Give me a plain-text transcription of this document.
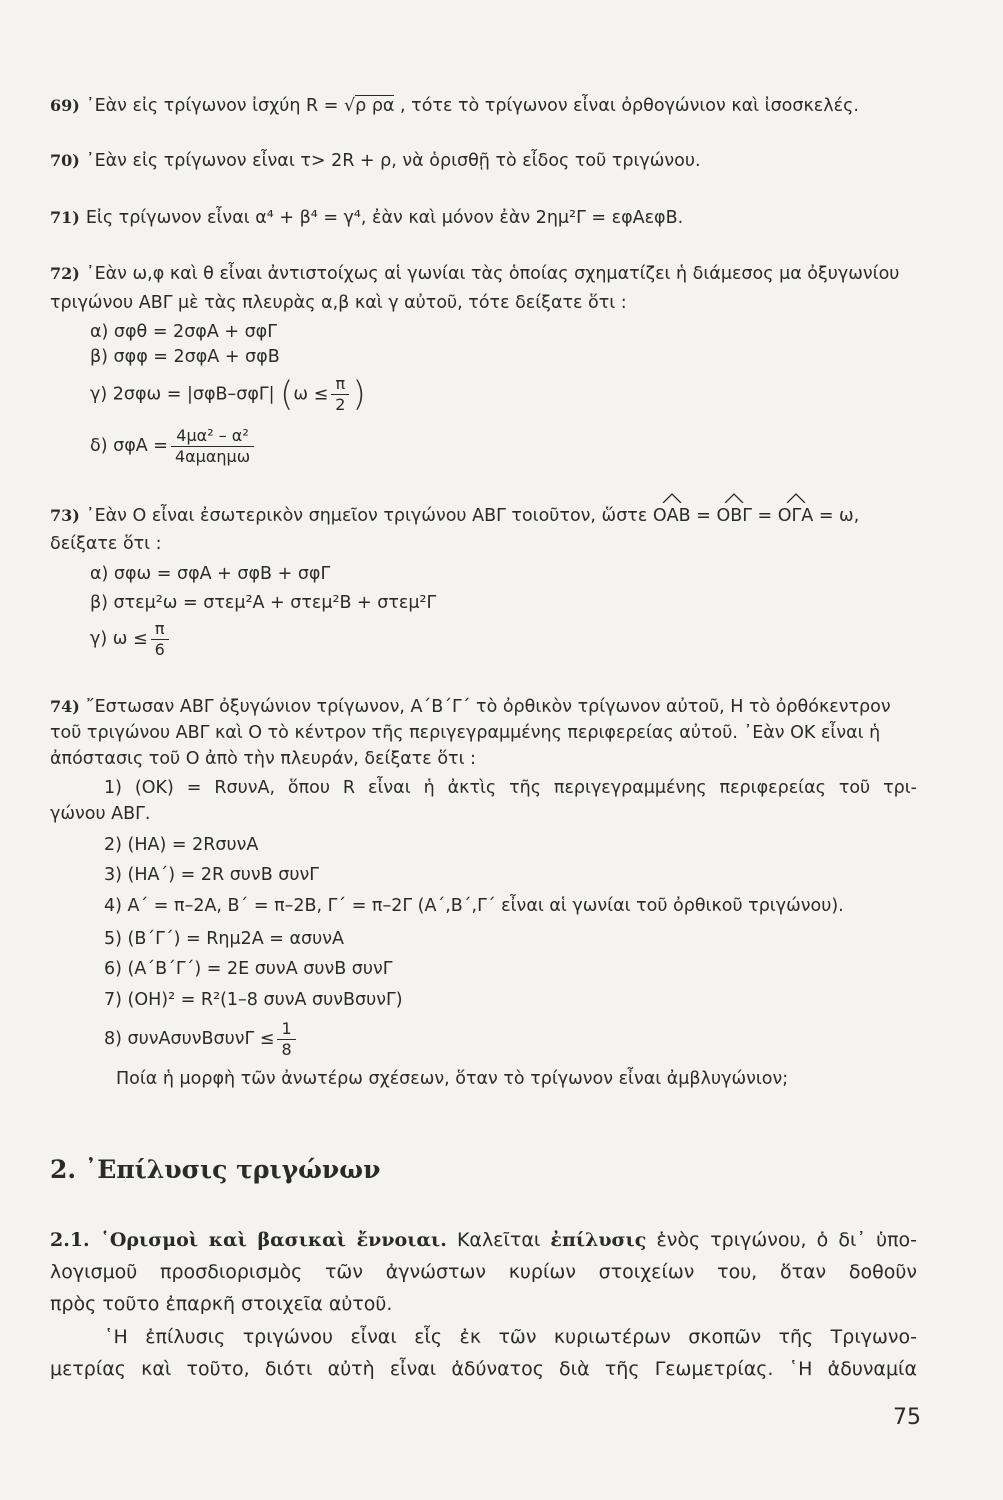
69) ᾿Εὰν εἰς τρίγωνον ἰσχύη R = √ρ ρα , τότε τὸ τρίγωνον εἶναι ὀρθογώνιον καὶ ἰσοσκελές.
70) ᾿Εὰν εἰς τρίγωνον εἶναι τ> 2R + ρ, νὰ ὁρισθῇ τὸ εἶδος τοῦ τριγώνου.
71) Εἰς τρίγωνον εἶναι α⁴ + β⁴ = γ⁴, ἐὰν καὶ μόνον ἐὰν 2ημ²Γ = εφΑεφΒ.
72) ᾿Εὰν ω,φ καὶ θ εἶναι ἀντιστοίχως αἱ γωνίαι τὰς ὁποίας σχηματίζει ἡ διάμεσος μα ὀξυγωνίου
τριγώνου ΑΒΓ μὲ τὰς πλευρὰς α,β καὶ γ αὐτοῦ, τότε δείξατε ὅτι :
α) σφθ = 2σφΑ + σφΓ
β) σφφ = 2σφΑ + σφΒ
γ) 2σφω = |σφΒ–σφΓ| ($\omega \le \frac{\pi}{2}$ )
δ) $\sigma\varphi A = \frac{\text{4μα² – α²}}{\text{4αμαημω}}$
73) ᾿Εὰν Ο εἶναι ἐσωτερικὸν σημεῖον τριγώνου ΑΒΓ τοιοῦτον, ὥστε ΟΑΒ =
ΟΒΓ =
ΟΓΑ = ω,
δείξατε ὅτι :
α) σφω = σφΑ + σφΒ + σφΓ
β) στεμ²ω = στεμ²Α + στεμ²Β + στεμ²Γ
γ) $\omega \le \frac{\pi}{6}$
74) ῎Εστωσαν ΑΒΓ ὀξυγώνιον τρίγωνον, Α΄Β΄Γ΄ τὸ ὀρθικὸν τρίγωνον αὐτοῦ, Η τὸ ὀρθόκεντρον
τοῦ τριγώνου ΑΒΓ καὶ Ο τὸ κέντρον τῆς περιγεγραμμένης περιφερείας αὐτοῦ. ᾿Εὰν ΟΚ εἶναι ἡ
ἀπόστασις τοῦ Ο ἀπὸ τὴν πλευράν, δείξατε ὅτι :
1) (ΟΚ) = RσυνΑ, ὅπου R εἶναι ἡ ἀκτὶς τῆς περιγεγραμμένης περιφερείας τοῦ τρι-
γώνου ΑΒΓ.
2) (ΗΑ) = 2RσυνΑ
3) (ΗΑ΄) = 2R συνΒ συνΓ
4) Α΄ = π–2Α, Β΄ = π–2Β, Γ΄ = π–2Γ (Α΄,Β΄,Γ΄ εἶναι αἱ γωνίαι τοῦ ὀρθικοῦ τριγώνου).
5) (Β΄Γ΄) = Rημ2Α = ασυνΑ
6) (Α΄Β΄Γ΄) = 2Ε συνΑ συνΒ συνΓ
7) (ΟΗ)² = R²(1–8 συνΑ συνΒσυνΓ)
8) $\sigma\upsilon\nu A\sigma\upsilon\nu B\sigma\upsilon\nu\Gamma \le \frac{1}{8}$
Ποία ἡ μορφὴ τῶν ἀνωτέρω σχέσεων, ὅταν τὸ τρίγωνον εἶναι ἀμβλυγώνιον;
2. ᾿Επίλυσις τριγώνων
2.1. ῾Ορισμοὶ καὶ βασικαὶ ἔννοιαι. Καλεῖται ἐπίλυσις ἑνὸς τριγώνου, ὁ δι᾿ ὑπο-
λογισμοῦ προσδιορισμὸς τῶν ἀγνώστων κυρίων στοιχείων του, ὅταν δοθοῦν
πρὸς τοῦτο ἐπαρκῆ στοιχεῖα αὐτοῦ.
῾Η ἐπίλυσις τριγώνου εἶναι εἷς ἐκ τῶν κυριωτέρων σκοπῶν τῆς Τριγωνο-
μετρίας καὶ τοῦτο, διότι αὐτὴ εἶναι ἀδύνατος διὰ τῆς Γεωμετρίας. ῾Η ἀδυναμία
75
